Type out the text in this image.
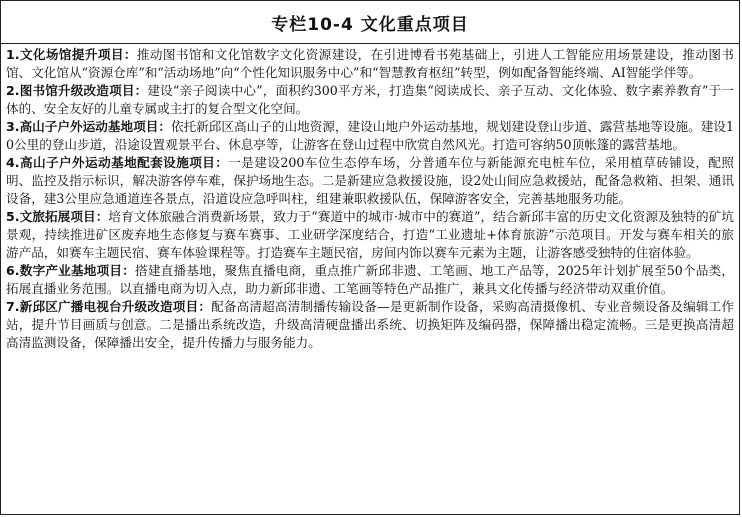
专栏10-4 文化重点项目

1.文化场馆提升项目：推动图书馆和文化馆数字文化资源建设，在引进博看书苑基础上，引进人工智能应用场景建设，推动图书馆、文化馆从“资源仓库”和“活动场地”向“个性化知识服务中心”和“智慧教育枢纽”转型，例如配备智能终端、AI智能学伴等。

2.图书馆升级改造项目：建设“亲子阅读中心”，面积约300平方米，打造集“阅读成长、亲子互动、文化体验、数字素养教育”于一体的、安全友好的儿童专属或主打的复合型文化空间。

3.高山子户外运动基地项目：依托新邱区高山子的山地资源，建设山地户外运动基地，规划建设登山步道、露营基地等设施。建设10公里的登山步道，沿途设置观景平台、休息亭等，让游客在登山过程中欣赏自然风光。打造可容纳50顶帐篷的露营基地。

4.高山子户外运动基地配套设施项目：一是建设200车位生态停车场，分普通车位与新能源充电桩车位，采用植草砖铺设，配照明、监控及指示标识，解决游客停车难，保护场地生态。二是新建应急救援设施，设2处山间应急救援站，配备急救箱、担架、通讯设备，建3公里应急通道连各景点，沿道设应急呼叫柱，组建兼职救援队伍，保障游客安全，完善基地服务功能。

5.文旅拓展项目：培育文体旅融合消费新场景，致力于“赛道中的城市·城市中的赛道”，结合新邱丰富的历史文化资源及独特的矿坑景观，持续推进矿区废弃地生态修复与赛车赛事、工业研学深度结合，打造“工业遗址+体育旅游”示范项目。开发与赛车相关的旅游产品，如赛车主题民宿、赛车体验课程等。打造赛车主题民宿，房间内饰以赛车元素为主题，让游客感受独特的住宿体验。

6.数字产业基地项目：搭建直播基地，聚焦直播电商，重点推广新邱非遗、工笔画、地工产品等，2025年计划扩展至50个品类，拓展直播业务范围。以直播电商为切入点，助力新邱非遗、工笔画等特色产品推广，兼具文化传播与经济带动双重价值。

7.新邱区广播电视台升级改造项目：配备高清超高清制播传输设备—是更新制作设备，采购高清摄像机、专业音频设备及编辑工作站，提升节目画质与创意。二是播出系统改造，升级高清硬盘播出系统、切换矩阵及编码器，保障播出稳定流畅。三是更换高清超高清监测设备，保障播出安全，提升传播力与服务能力。
